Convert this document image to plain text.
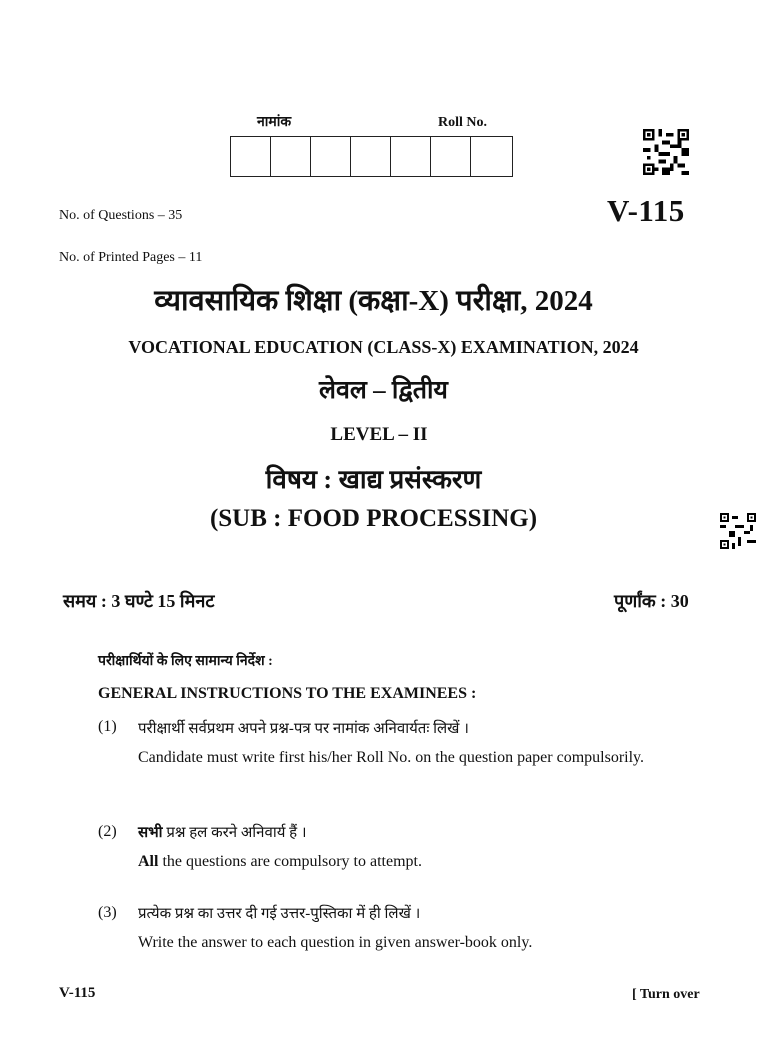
नामांक	Roll No.
No. of Questions – 35
No. of Printed Pages – 11
V-115
व्यावसायिक शिक्षा (कक्षा-X) परीक्षा, 2024
VOCATIONAL EDUCATION (CLASS-X) EXAMINATION, 2024
लेवल – द्वितीय
LEVEL – II
विषय : खाद्य प्रसंस्करण
(SUB : FOOD PROCESSING)
समय : 3 घण्टे 15 मिनट	पूर्णांक : 30
परीक्षार्थियों के लिए सामान्य निर्देश :
GENERAL INSTRUCTIONS TO THE EXAMINEES :
(1) परीक्षार्थी सर्वप्रथम अपने प्रश्न-पत्र पर नामांक अनिवार्यतः लिखें ।
Candidate must write first his/her Roll No. on the question paper compulsorily.
(2) सभी प्रश्न हल करने अनिवार्य हैं ।
All the questions are compulsory to attempt.
(3) प्रत्येक प्रश्न का उत्तर दी गई उत्तर-पुस्तिका में ही लिखें ।
Write the answer to each question in given answer-book only.
V-115	[ Turn over
